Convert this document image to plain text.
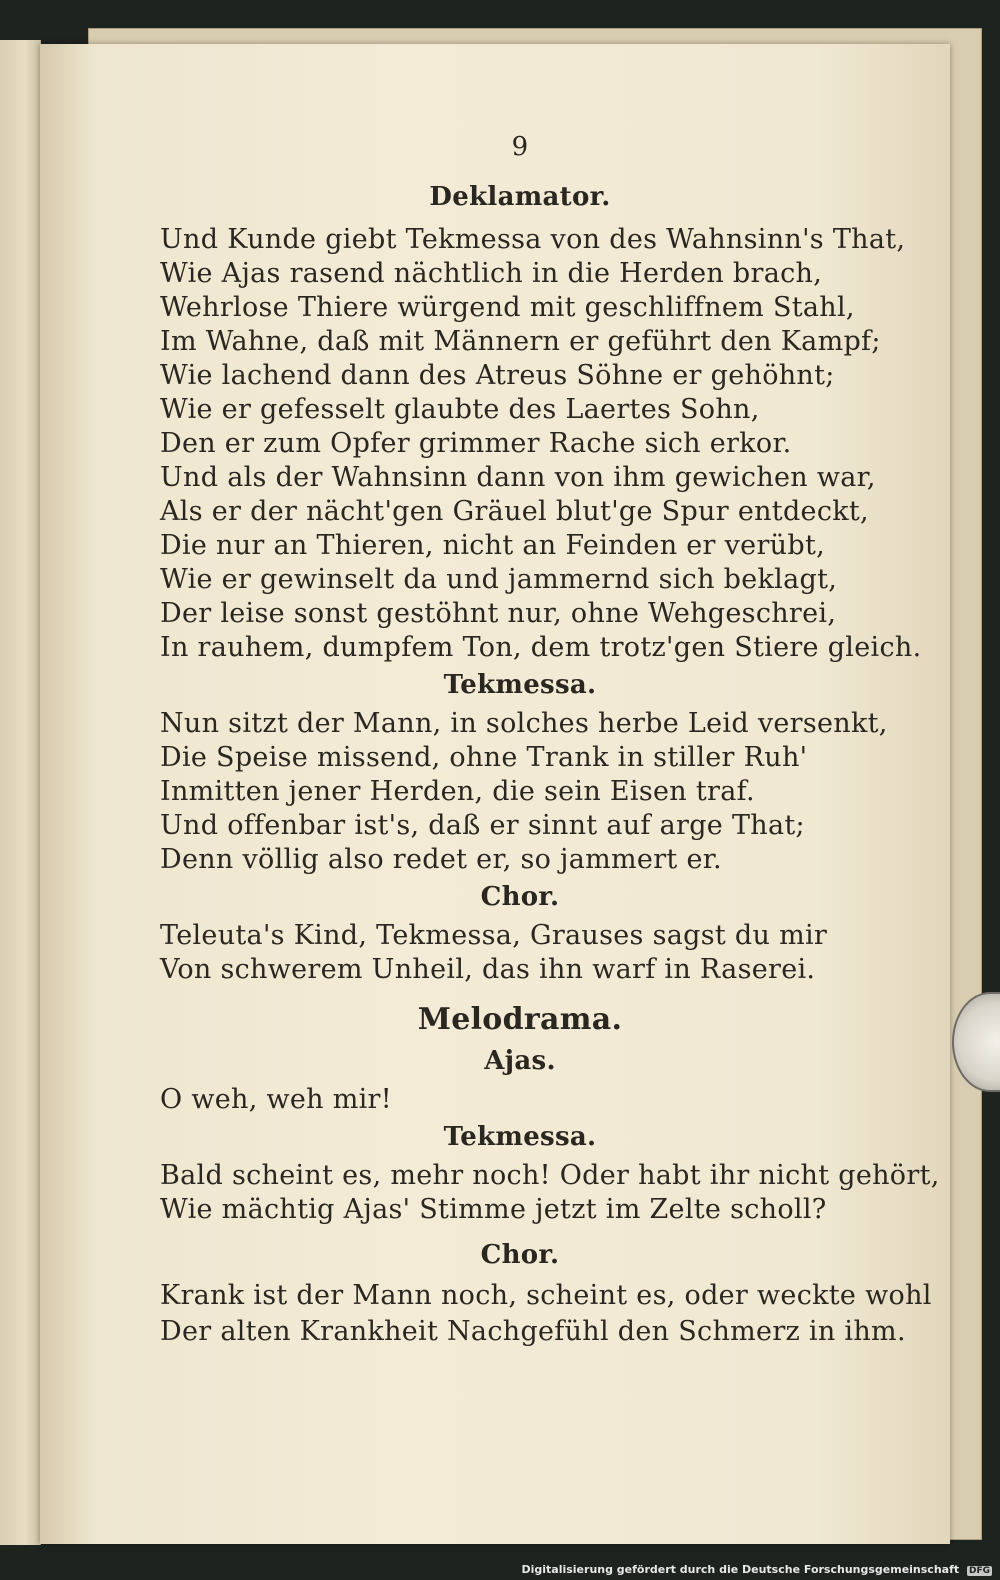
9
Deklamator.
Und Kunde giebt Tekmessa von des Wahnsinn's That,
Wie Ajas rasend nächtlich in die Herden brach,
Wehrlose Thiere würgend mit geschliffnem Stahl,
Im Wahne, daß mit Männern er geführt den Kampf;
Wie lachend dann des Atreus Söhne er gehöhnt;
Wie er gefesselt glaubte des Laertes Sohn,
Den er zum Opfer grimmer Rache sich erkor.
Und als der Wahnsinn dann von ihm gewichen war,
Als er der nächt'gen Gräuel blut'ge Spur entdeckt,
Die nur an Thieren, nicht an Feinden er verübt,
Wie er gewinselt da und jammernd sich beklagt,
Der leise sonst gestöhnt nur, ohne Wehgeschrei,
In rauhem, dumpfem Ton, dem trotz'gen Stiere gleich.
Tekmessa.
Nun sitzt der Mann, in solches herbe Leid versenkt,
Die Speise missend, ohne Trank in stiller Ruh'
Inmitten jener Herden, die sein Eisen traf.
Und offenbar ist's, daß er sinnt auf arge That;
Denn völlig also redet er, so jammert er.
Chor.
Teleuta's Kind, Tekmessa, Grauses sagst du mir
Von schwerem Unheil, das ihn warf in Raserei.
Melodrama.
Ajas.
O weh, weh mir!
Tekmessa.
Bald scheint es, mehr noch! Oder habt ihr nicht gehört,
Wie mächtig Ajas' Stimme jetzt im Zelte scholl?
Chor.
Krank ist der Mann noch, scheint es, oder weckte wohl
Der alten Krankheit Nachgefühl den Schmerz in ihm.
Digitalisierung gefördert durch die Deutsche Forschungsgemeinschaft DFG
